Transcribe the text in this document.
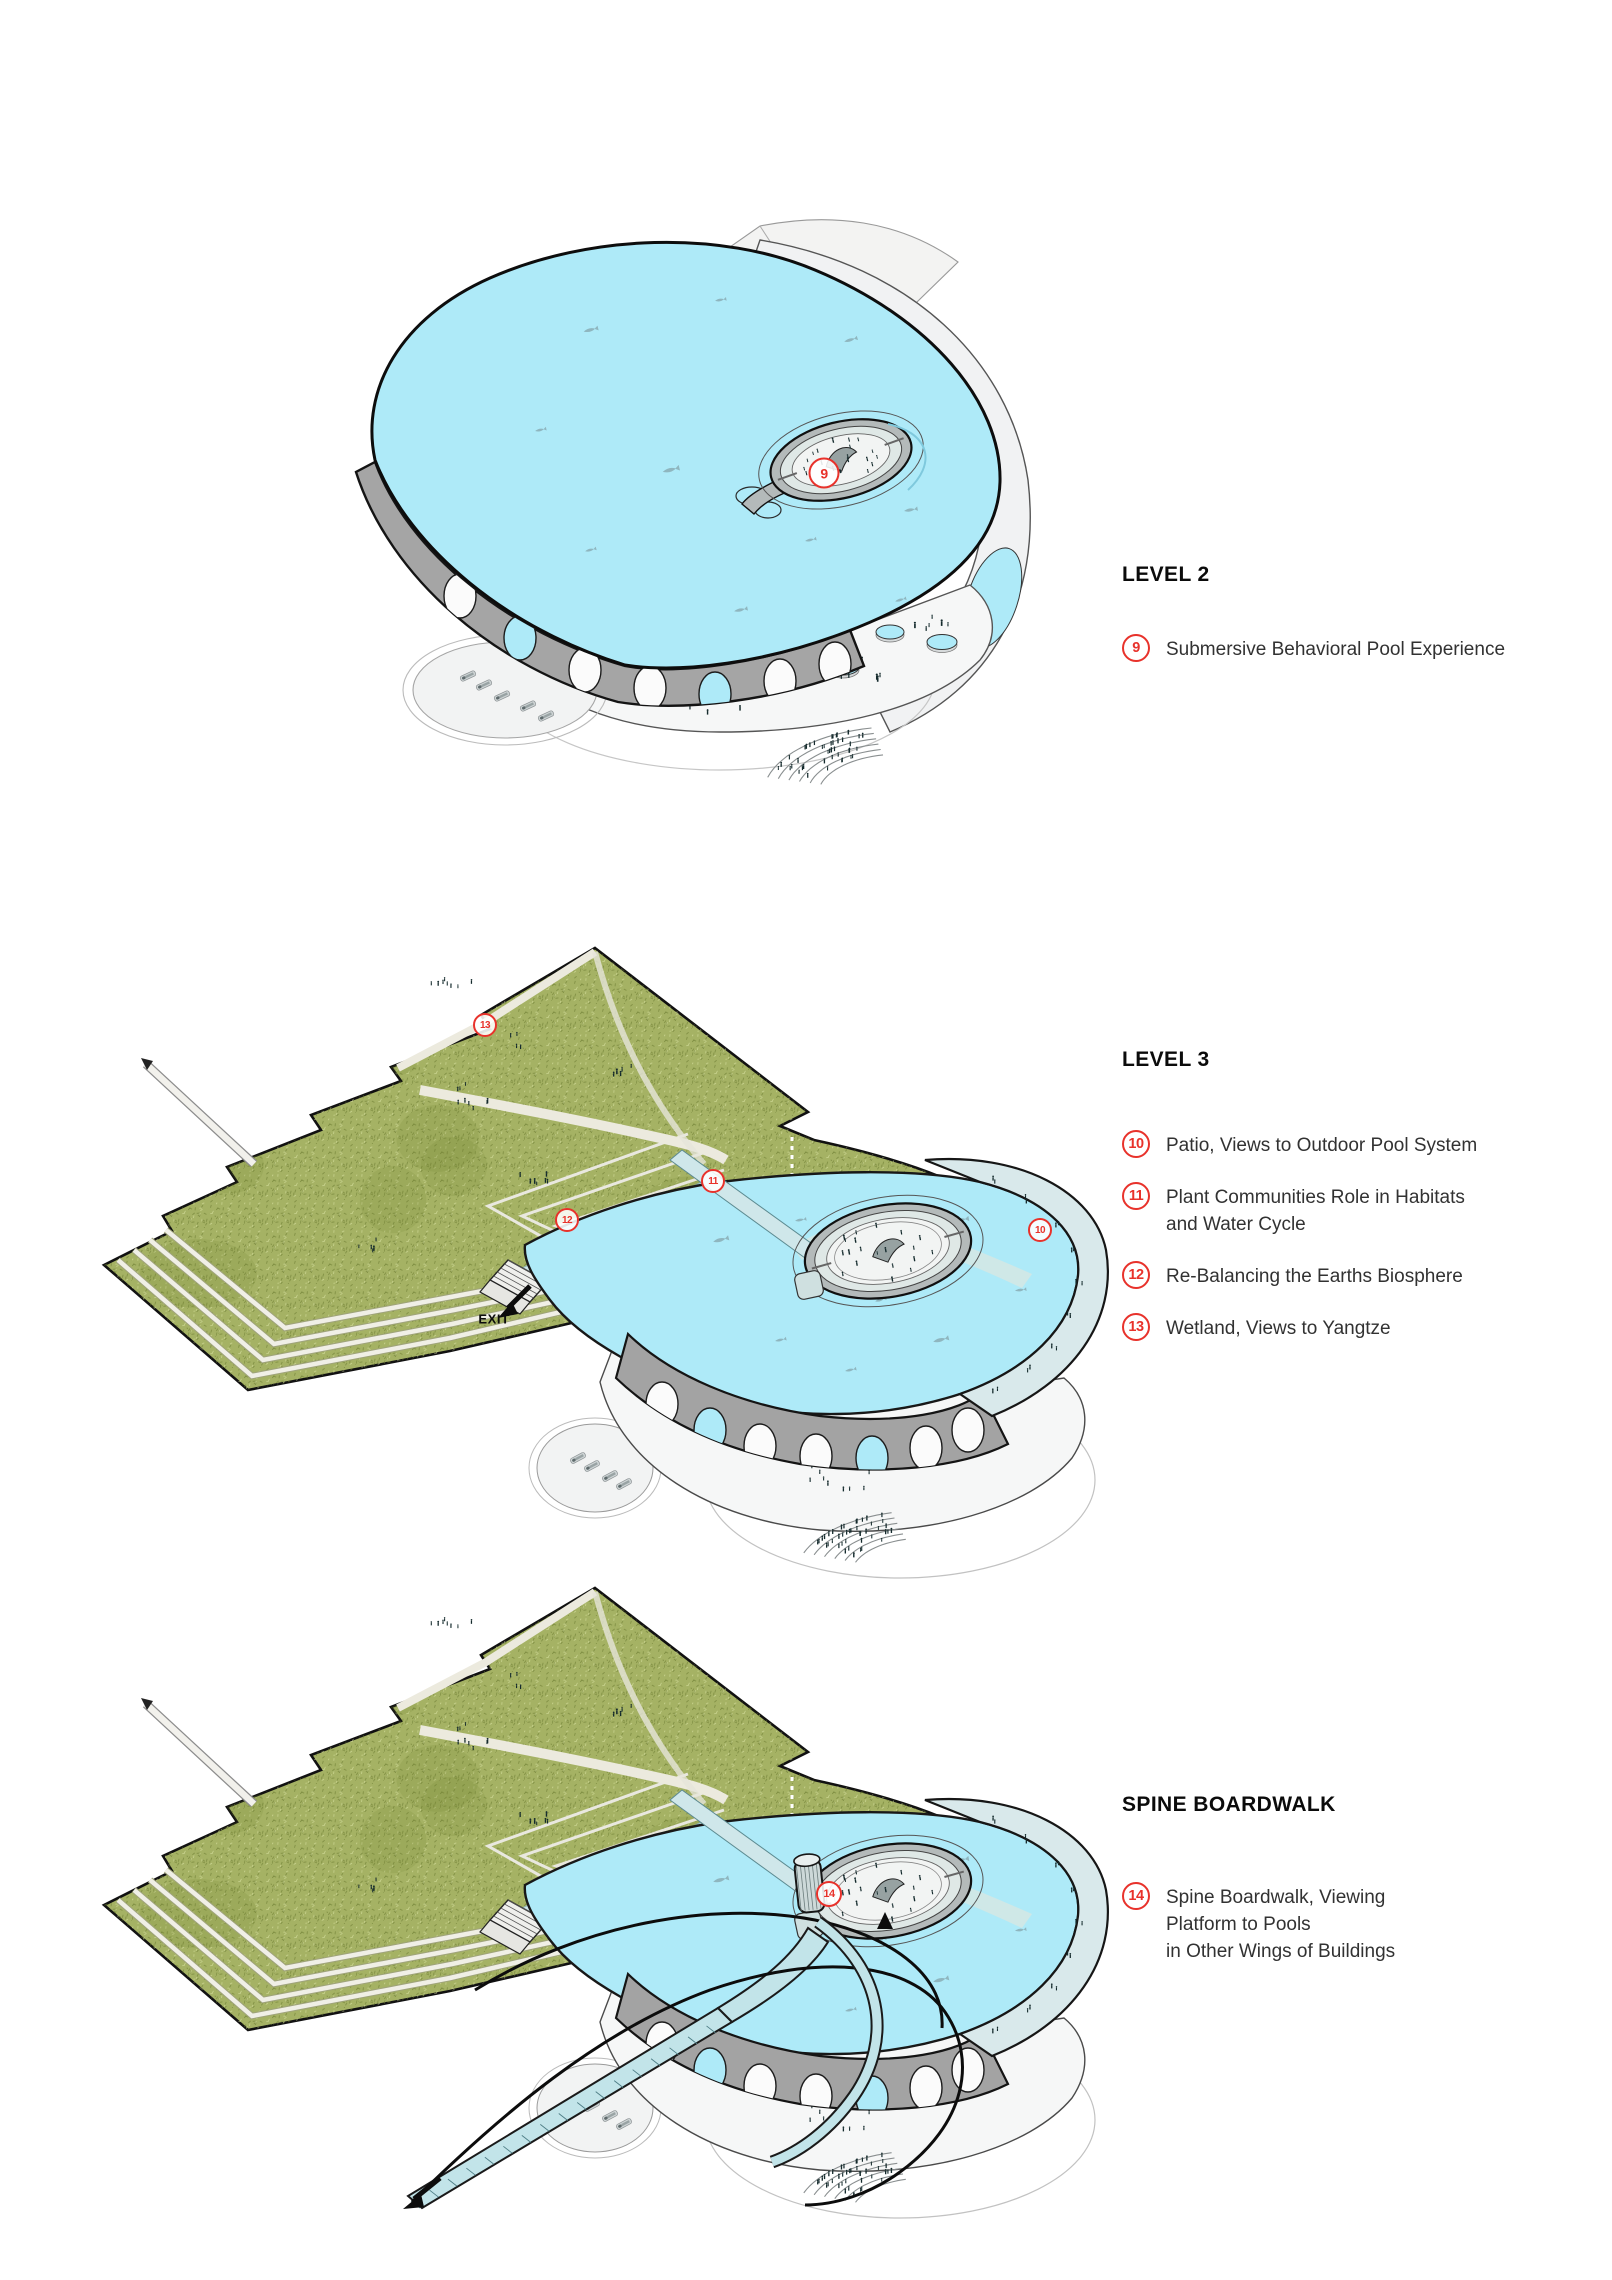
9
13
11
12
10
EXIT
14
LEVEL 2
9	Submersive Behavioral Pool Experience
LEVEL 3
10	Patio, Views to Outdoor Pool System
11	Plant Communities Role in Habitats
and Water Cycle
12	Re-Balancing the Earths Biosphere
13	Wetland, Views to Yangtze
SPINE BOARDWALK
14	Spine Boardwalk, Viewing
Platform to Pools
in Other Wings of Buildings
